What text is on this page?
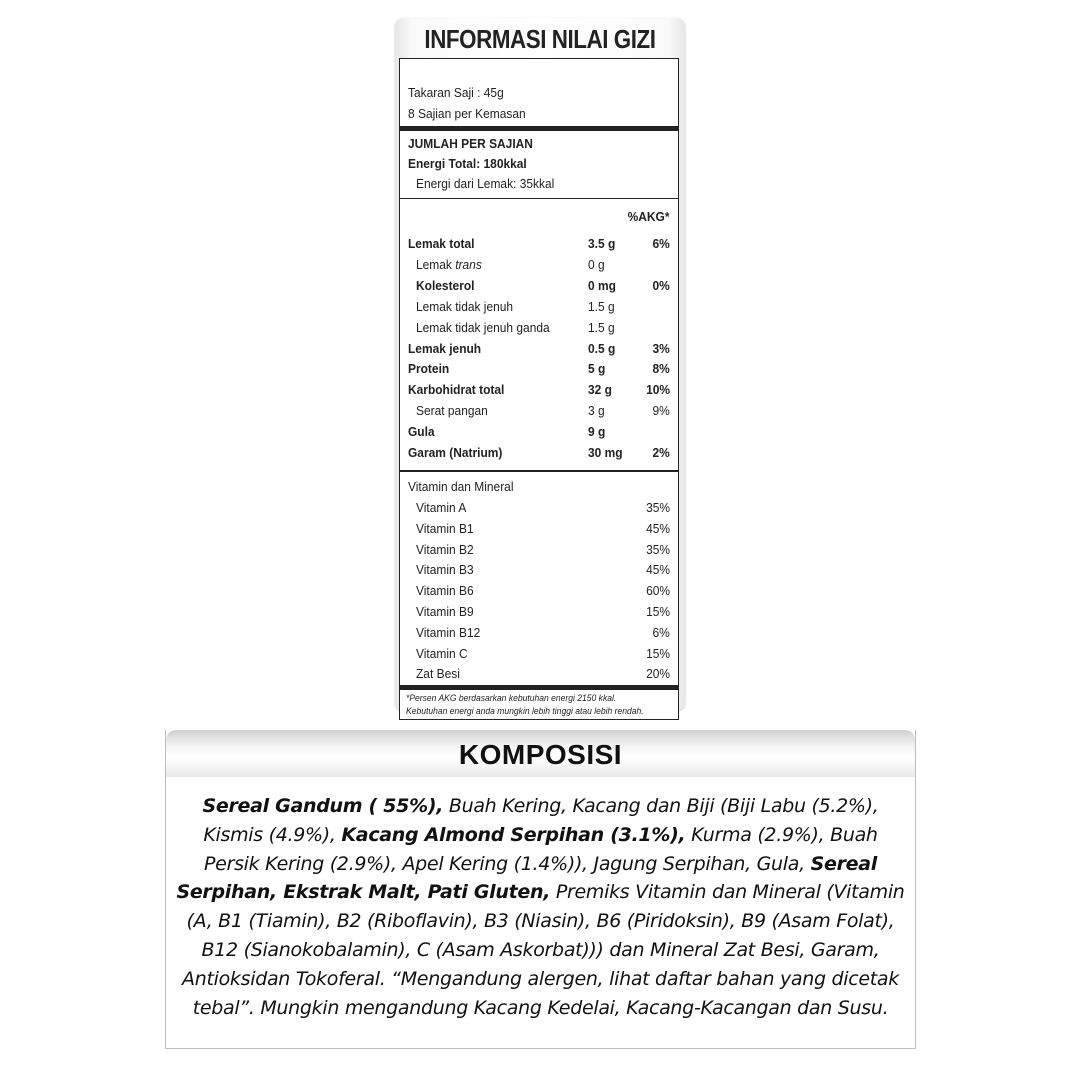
INFORMASI NILAI GIZI
Takaran Saji : 45g
8 Sajian per Kemasan
JUMLAH PER SAJIAN
Energi Total: 180kkal
Energi dari Lemak: 35kkal
%AKG*
Lemak total	3.5 g	6%
Lemak trans	0 g
Kolesterol	0 mg	0%
Lemak tidak jenuh	1.5 g
Lemak tidak jenuh ganda	1.5 g
Lemak jenuh	0.5 g	3%
Protein	5 g	8%
Karbohidrat total	32 g	10%
Serat pangan	3 g	9%
Gula	9 g
Garam (Natrium)	30 mg 2%
Vitamin dan Mineral
Vitamin A	35%
Vitamin B1	45%
Vitamin B2	35%
Vitamin B3	45%
Vitamin B6	60%
Vitamin B9	15%
Vitamin B12	6%
Vitamin C	15%
Zat Besi	20%
*Persen AKG berdasarkan kebutuhan energi 2150 kkal.
Kebutuhan energi anda mungkin lebih tinggi atau lebih rendah.
KOMPOSISI
Sereal Gandum ( 55%), Buah Kering, Kacang dan Biji (Biji Labu (5.2%), Kismis (4.9%), Kacang Almond Serpihan (3.1%), Kurma (2.9%), Buah Persik Kering (2.9%), Apel Kering (1.4%)), Jagung Serpihan, Gula, Sereal Serpihan, Ekstrak Malt, Pati Gluten, Premiks Vitamin dan Mineral (Vitamin (A, B1 (Tiamin), B2 (Riboflavin), B3 (Niasin), B6 (Piridoksin), B9 (Asam Folat), B12 (Sianokobalamin), C (Asam Askorbat))) dan Mineral Zat Besi, Garam, Antioksidan Tokoferal. “Mengandung alergen, lihat daftar bahan yang dicetak tebal”. Mungkin mengandung Kacang Kedelai, Kacang-Kacangan dan Susu.
